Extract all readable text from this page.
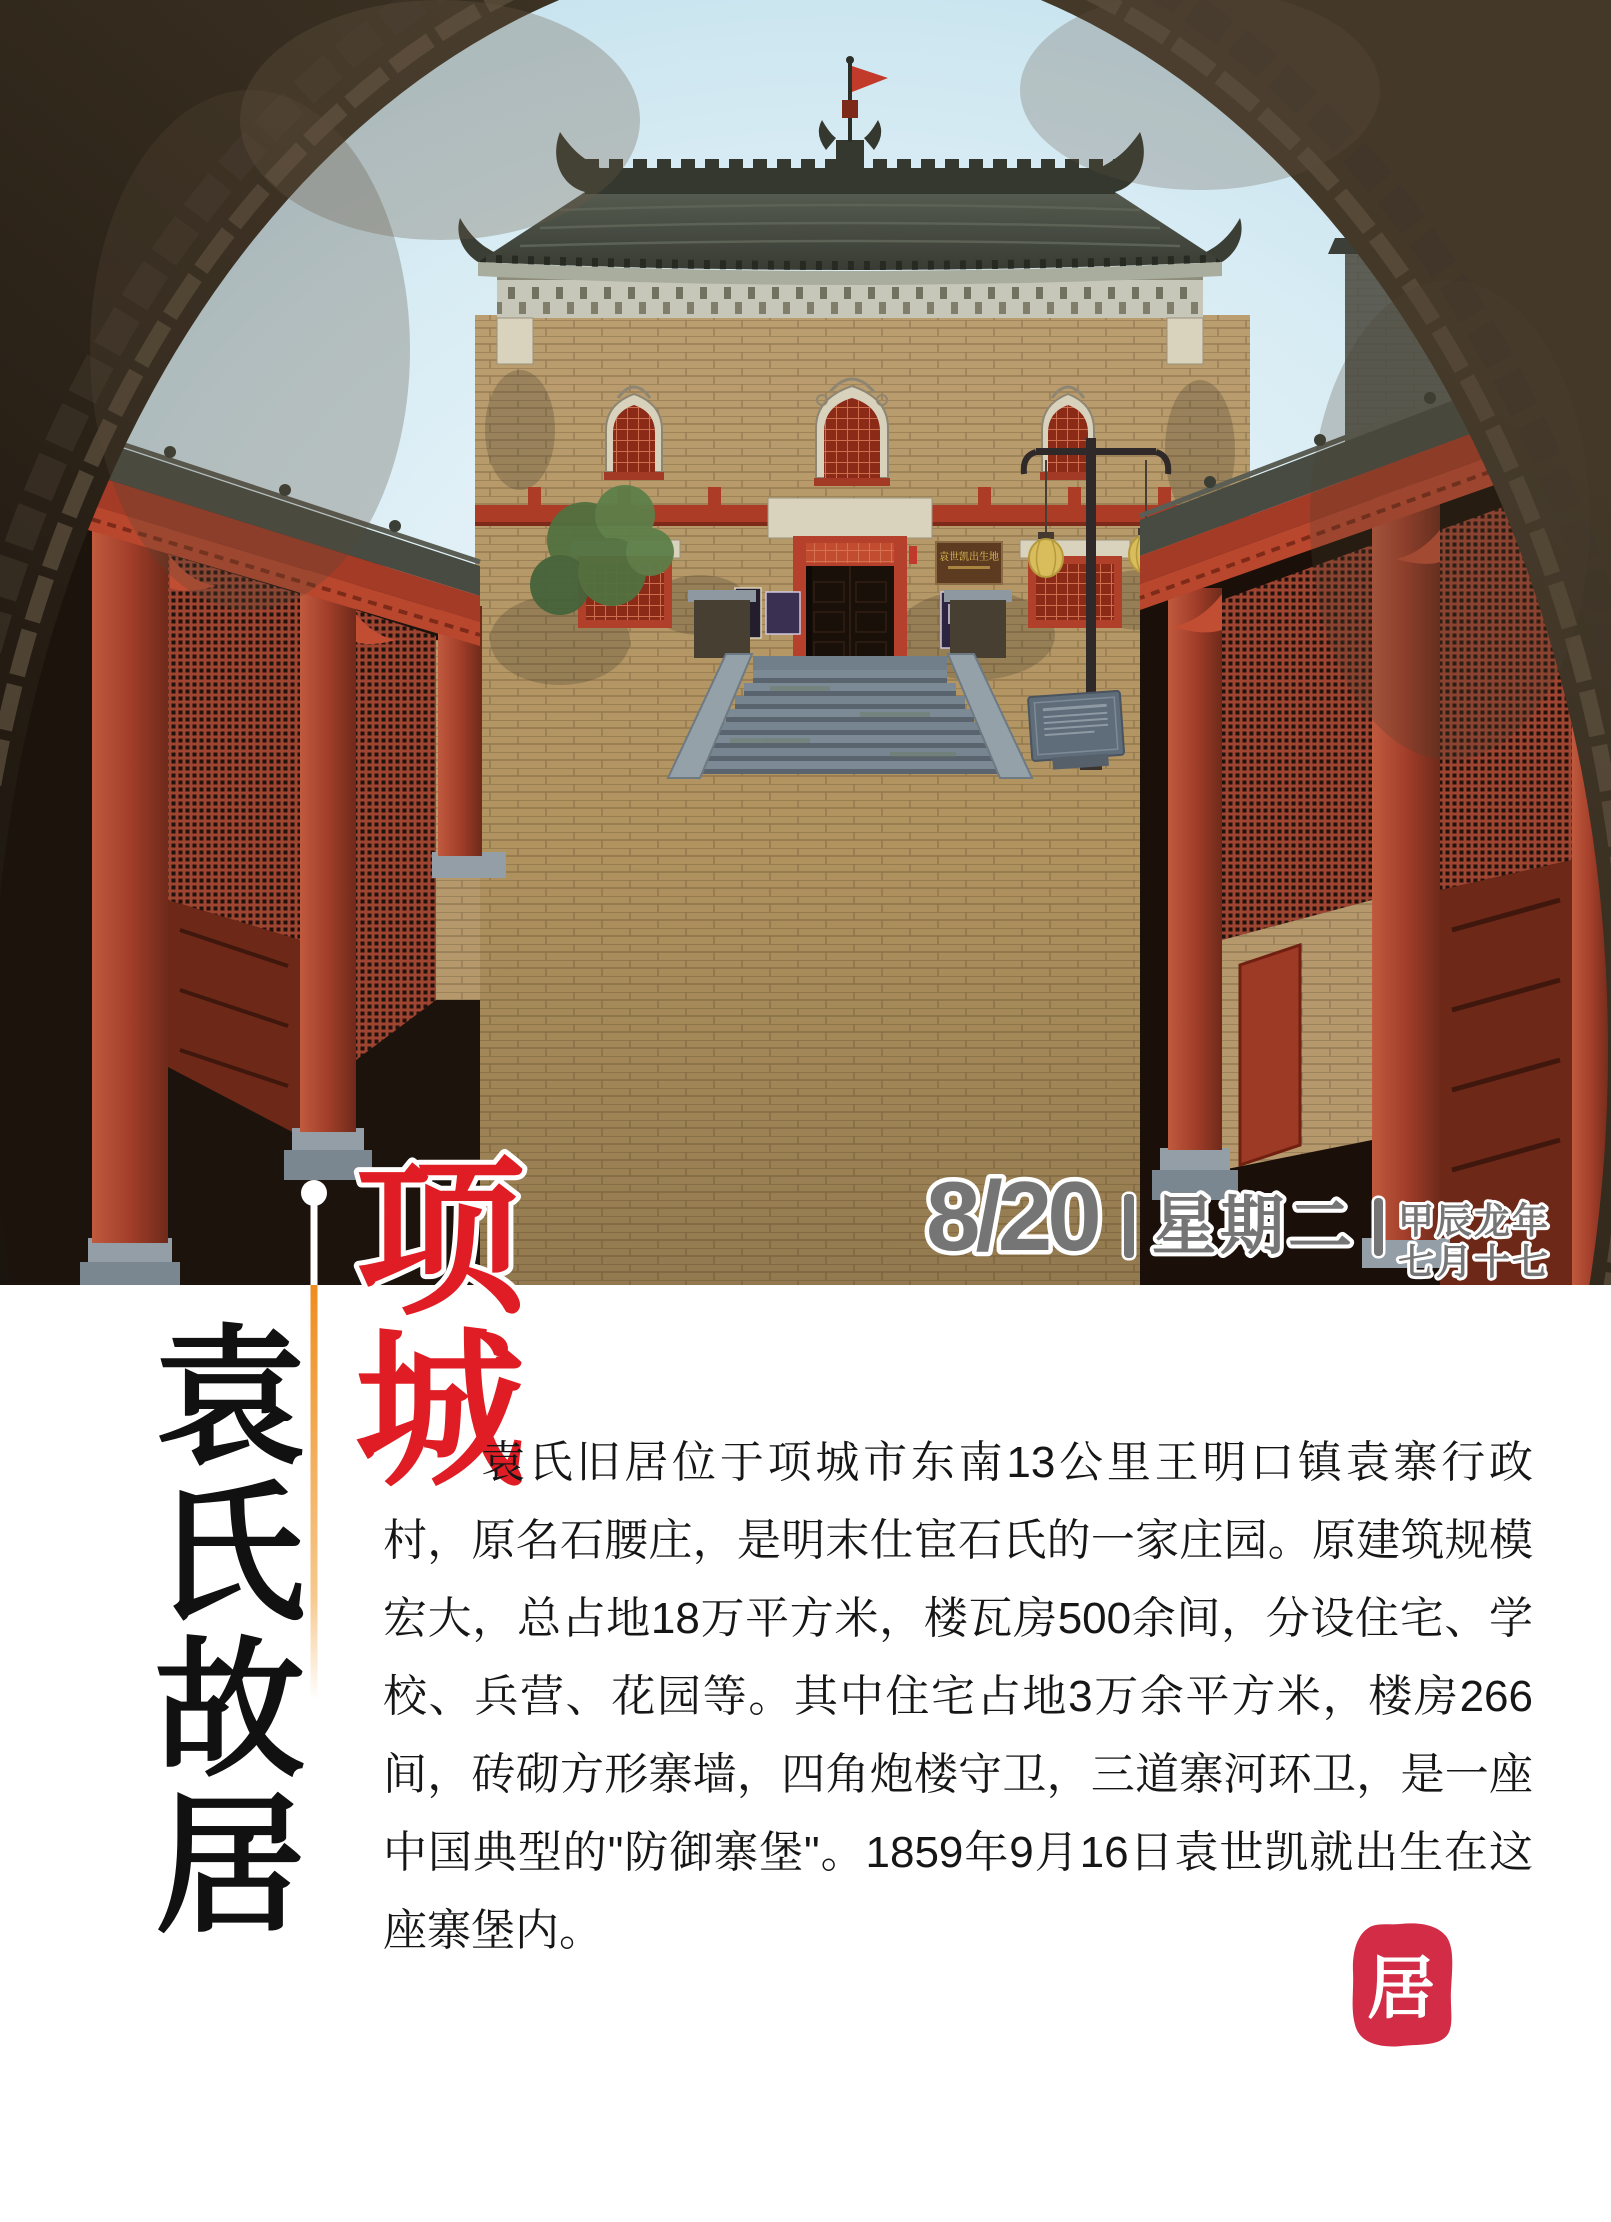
袁世凯出生地
8/20 星期二 甲辰龙年
七月十七
项
城
袁氏故居	袁氏旧居位于项城市东南13公里王明口镇袁寨行政村，原名石腰庄，是明末仕宦石氏的一家庄园。原建筑规模宏大，总占地18万平方米，楼瓦房500余间，分设住宅、学校、兵营、花园等。其中住宅占地3万余平方米，楼房266间，砖砌方形寨墙，四角炮楼守卫，三道寨河环卫，是一座中国典型的"防御寨堡"。1859年9月16日袁世凯就出生在这座寨堡内。

居
